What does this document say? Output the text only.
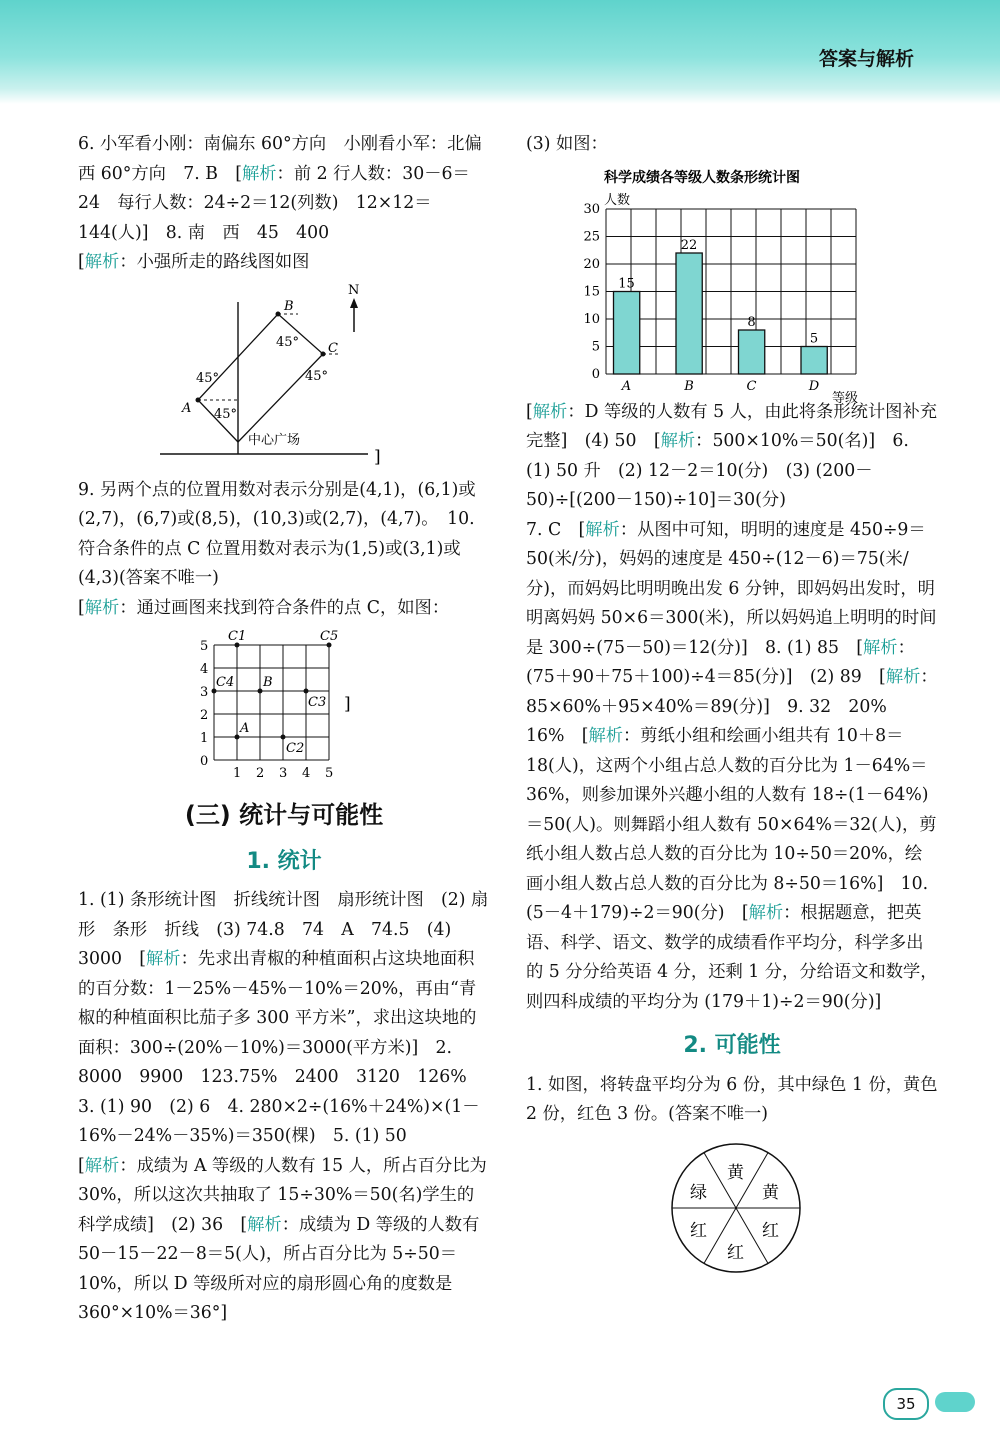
答案与解析

6. 小军看小刚：南偏东 60°方向　小刚看小军：北偏西 60°方向　7. B　[解析：前 2 行人数：30－6＝24　每行人数：24÷2＝12(列数)　12×12＝144(人)]　8. 南　西　45　400

[解析：小强所走的路线图如图

B
45° C
45°
45°
A 45°
中心广场
N
]

9. 另两个点的位置用数对表示分别是(4,1)，(6,1)或(2,7)，(6,7)或(8,5)，(10,3)或(2,7)，(4,7)。　10. 符合条件的点 C 位置用数对表示为(1,5)或(3,1)或(4,3)(答案不唯一)

[解析：通过画图来找到符合条件的点 C，如图：

0
1
2
3
4
5
1 2 3 4 5
C1	C5
C4 B
C3
A
C2
]
(三) 统计与可能性
1. 统计

1. (1) 条形统计图　折线统计图　扇形统计图　(2) 扇形　条形　折线　(3) 74.8　74　A　74.5　(4) 3000　[解析：先求出青椒的种植面积占这块地面积的百分数：1－25%－45%－10%＝20%，再由“青椒的种植面积比茄子多 300 平方米”，求出这块地的面积：300÷(20%－10%)＝3000(平方米)]　2. 8000　9900　123.75%　2400　3120　126%　3. (1) 90　(2) 6　4. 280×2÷(16%＋24%)×(1－16%－24%－35%)＝350(棵)　5. (1) 50

[解析：成绩为 A 等级的人数有 15 人，所占百分比为 30%，所以这次共抽取了 15÷30%＝50(名)学生的科学成绩]　(2) 36　[解析：成绩为 D 等级的人数有 50－15－22－8＝5(人)，所占百分比为 5÷50＝10%，所以 D 等级所对应的扇形圆心角的度数是 360°×10%＝36°]

(3) 如图：

科学成绩各等级人数条形统计图
人数
0
5
10
15
20
25
30
15
A
22
B
8
C
5
D
等级

[解析：D 等级的人数有 5 人，由此将条形统计图补充完整]　(4) 50　[解析：500×10%＝50(名)]　6. (1) 50 升　(2) 12－2＝10(分)　(3) (200－50)÷[(200－150)÷10]＝30(分)

7. C　[解析：从图中可知，明明的速度是 450÷9＝50(米/分)，妈妈的速度是 450÷(12－6)＝75(米/分)，而妈妈比明明晚出发 6 分钟，即妈妈出发时，明明离妈妈 50×6＝300(米)，所以妈妈追上明明的时间是 300÷(75－50)＝12(分)]　8. (1) 85　[解析：(75＋90＋75＋100)÷4＝85(分)]　(2) 89　[解析：85×60%＋95×40%＝89(分)]　9. 32　20%　16%　[解析：剪纸小组和绘画小组共有 10＋8＝18(人)，这两个小组占总人数的百分比为 1－64%＝36%，则参加课外兴趣小组的人数有 18÷(1－64%)＝50(人)。则舞蹈小组人数有 50×64%＝32(人)，剪纸小组人数占总人数的百分比为 10÷50＝20%，绘画小组人数占总人数的百分比为 8÷50＝16%]　10. (5－4＋179)÷2＝90(分)　[解析：根据题意，把英语、科学、语文、数学的成绩看作平均分，科学多出的 5 分分给英语 4 分，还剩 1 分，分给语文和数学，则四科成绩的平均分为 (179＋1)÷2＝90(分)]

2. 可能性

1. 如图，将转盘平均分为 6 份，其中绿色 1 份，黄色 2 份，红色 3 份。(答案不唯一)

黄
黄
红
红
红
绿
35
